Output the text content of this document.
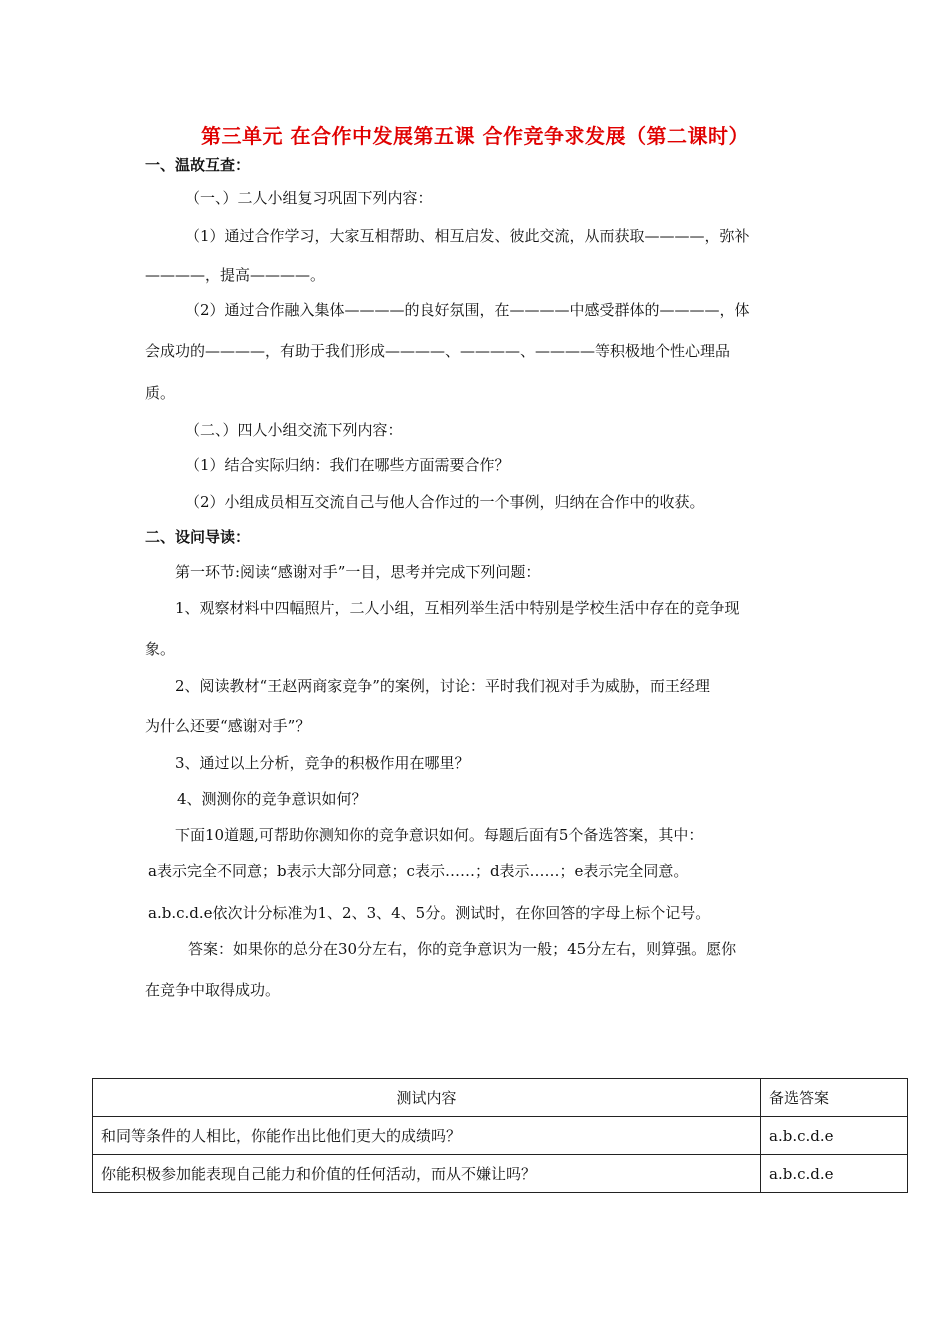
第三单元 在合作中发展第五课 合作竞争求发展（第二课时）
一、温故互查：
（一、）二人小组复习巩固下列内容：
（1）通过合作学习，大家互相帮助、相互启发、彼此交流，从而获取————，弥补
————，提高————。
（2）通过合作融入集体————的良好氛围，在————中感受群体的————，体
会成功的————，有助于我们形成————、————、————等积极地个性心理品
质。
（二、）四人小组交流下列内容：
（1）结合实际归纳：我们在哪些方面需要合作？
（2）小组成员相互交流自己与他人合作过的一个事例，归纳在合作中的收获。
二、设问导读：
第一环节:阅读“感谢对手”一目，思考并完成下列问题：
1、观察材料中四幅照片，二人小组，互相列举生活中特别是学校生活中存在的竞争现
象。
2、阅读教材“王赵两商家竞争”的案例，讨论：平时我们视对手为威胁，而王经理
为什么还要“感谢对手”？
3、通过以上分析，竞争的积极作用在哪里？
4、测测你的竞争意识如何？
下面10道题,可帮助你测知你的竞争意识如何。每题后面有5个备选答案，其中：
a表示完全不同意；b表示大部分同意；c表示……；d表示……；e表示完全同意。
a.b.c.d.e依次计分标准为1、2、3、4、5分。测试时，在你回答的字母上标个记号。
答案：如果你的总分在30分左右，你的竞争意识为一般；45分左右，则算强。愿你
在竞争中取得成功。
测试内容	备选答案
和同等条件的人相比，你能作出比他们更大的成绩吗？	a.b.c.d.e
你能积极参加能表现自己能力和价值的任何活动，而从不嫌让吗？	a.b.c.d.e
